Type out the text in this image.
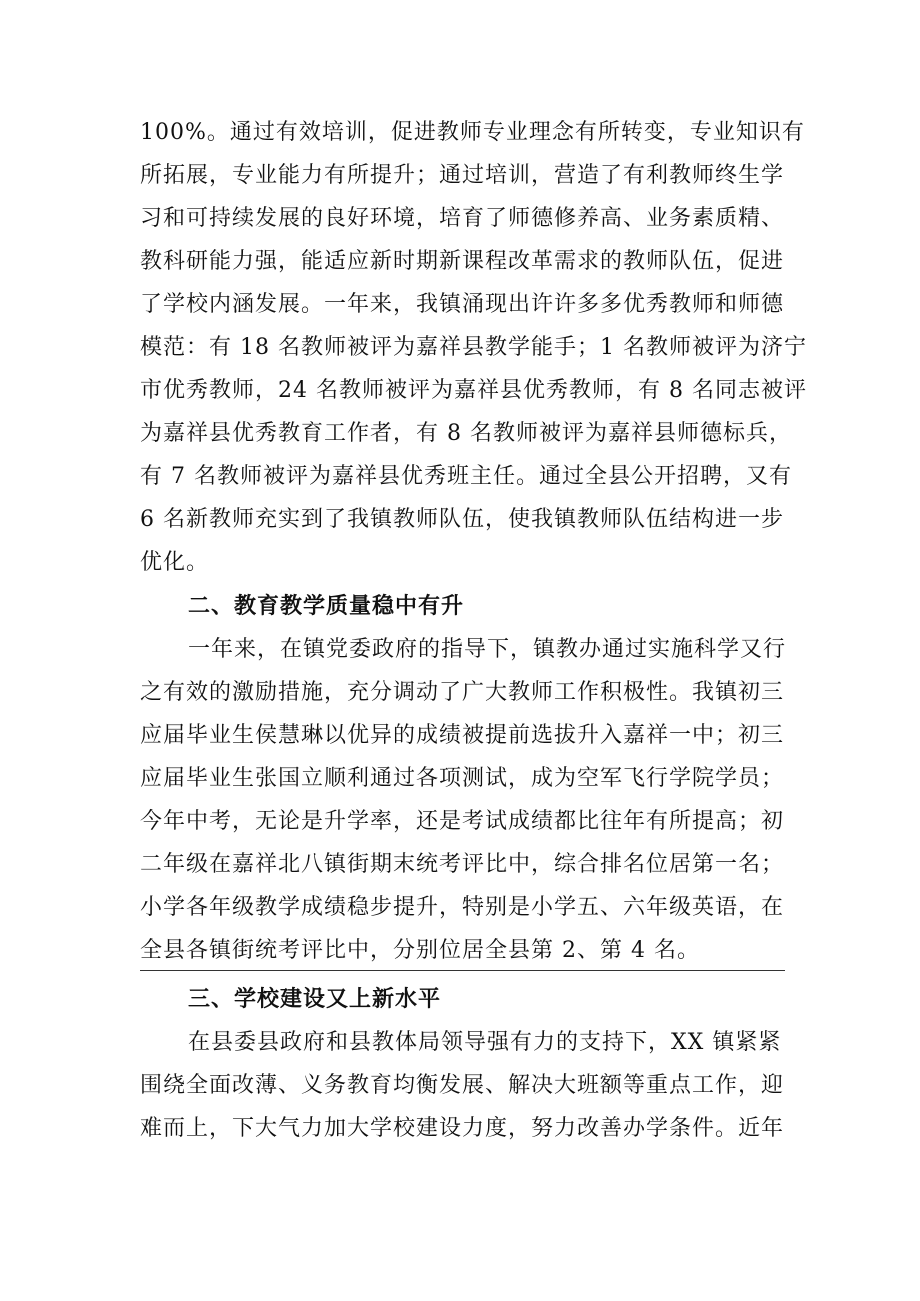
100%。通过有效培训，促进教师专业理念有所转变，专业知识有
所拓展，专业能力有所提升；通过培训，营造了有利教师终生学
习和可持续发展的良好环境，培育了师德修养高、业务素质精、
教科研能力强，能适应新时期新课程改革需求的教师队伍，促进
了学校内涵发展。一年来，我镇涌现出许许多多优秀教师和师德
模范：有 18 名教师被评为嘉祥县教学能手；1 名教师被评为济宁
市优秀教师，24 名教师被评为嘉祥县优秀教师，有 8 名同志被评
为嘉祥县优秀教育工作者，有 8 名教师被评为嘉祥县师德标兵，
有 7 名教师被评为嘉祥县优秀班主任。通过全县公开招聘，又有
6 名新教师充实到了我镇教师队伍，使我镇教师队伍结构进一步
优化。
二、教育教学质量稳中有升
一年来，在镇党委政府的指导下，镇教办通过实施科学又行
之有效的激励措施，充分调动了广大教师工作积极性。我镇初三
应届毕业生侯慧琳以优异的成绩被提前选拔升入嘉祥一中；初三
应届毕业生张国立顺利通过各项测试，成为空军飞行学院学员；
今年中考，无论是升学率，还是考试成绩都比往年有所提高；初
二年级在嘉祥北八镇街期末统考评比中，综合排名位居第一名；
小学各年级教学成绩稳步提升，特别是小学五、六年级英语，在
全县各镇街统考评比中，分别位居全县第 2、第 4 名。
三、学校建设又上新水平
在县委县政府和县教体局领导强有力的支持下，XX 镇紧紧
围绕全面改薄、义务教育均衡发展、解决大班额等重点工作，迎
难而上，下大气力加大学校建设力度，努力改善办学条件。近年
